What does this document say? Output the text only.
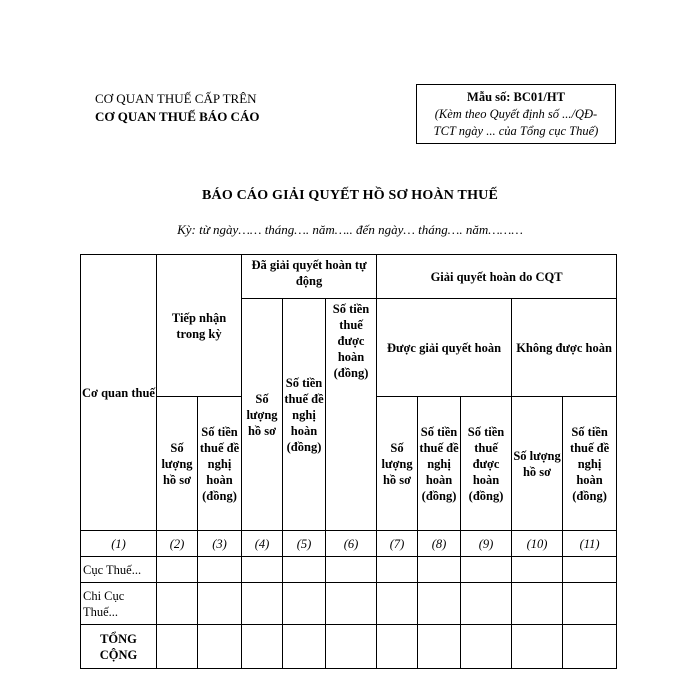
CƠ QUAN THUẾ CẤP TRÊN
CƠ QUAN THUẾ BÁO CÁO
Mẫu số: BC01/HT
(Kèm theo Quyết định số .../QĐ-
TCT ngày ... của Tổng cục Thuế)
BÁO CÁO GIẢI QUYẾT HỒ SƠ HOÀN THUẾ
Kỳ: từ ngày…… tháng…. năm….. đến ngày… tháng…. năm………
Cơ quan thuế	Tiếp nhận trong kỳ		Đã giải quyết hoàn tự động			Giải quyết hoàn do CQT				
			Số lượng hồ sơ	Số tiền thuế đề nghị hoàn (đồng)	Số tiền thuế được hoàn (đồng)	Được giải quyết hoàn			Không được hoàn	
	Số lượng hồ sơ	Số tiền thuế đề nghị hoàn (đồng)				Số lượng hồ sơ	Số tiền thuế đề nghị hoàn (đồng)	Số tiền thuế được hoàn (đồng)	Số lượng hồ sơ	Số tiền thuế đề nghị hoàn (đồng)
(1)	(2)	(3)	(4)	(5)	(6)	(7)	(8)	(9)	(10)	(11)
Cục Thuế...										
Chi Cục Thuế...										
TỔNG CỘNG										
